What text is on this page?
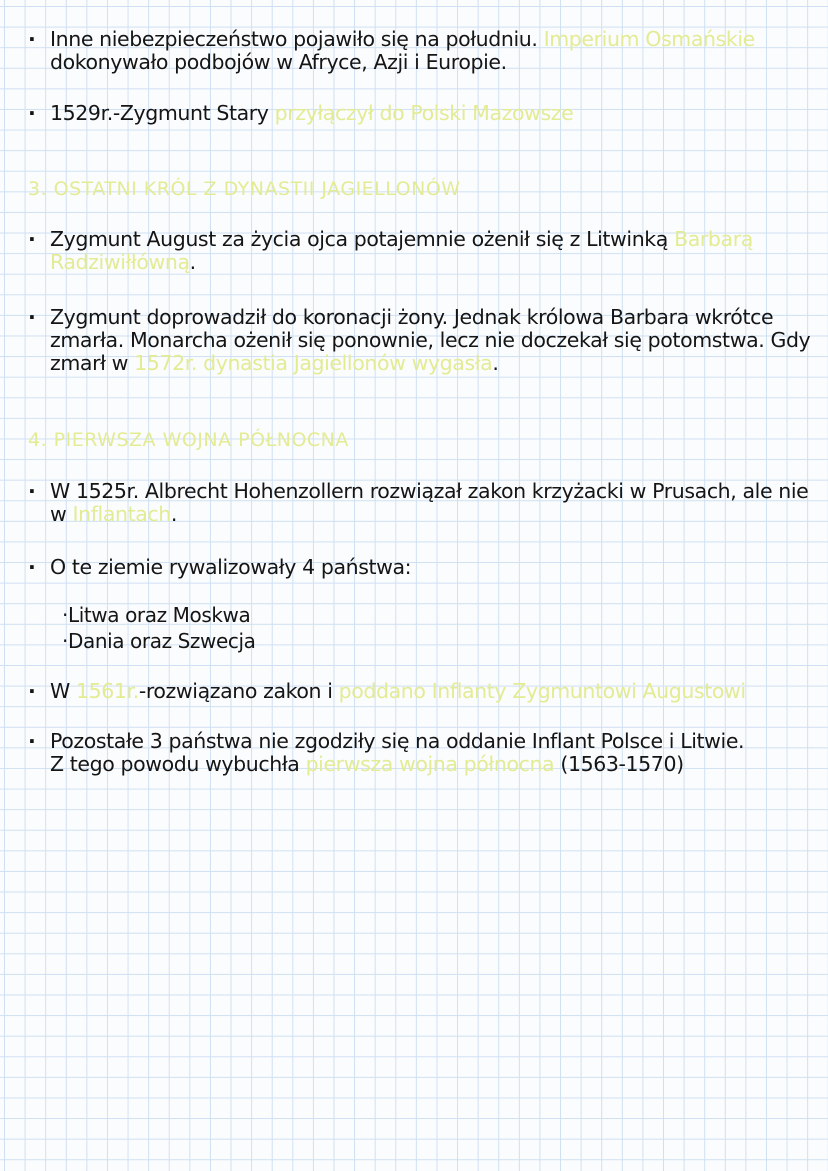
· Inne niebezpieczeństwo pojawiło się na południu. Imperium Osmańskie
dokonywało podbojów w Afryce, Azji i Europie.
· 1529r.-Zygmunt Stary przyłączył do Polski Mazowsze
3. OSTATNI KRÓL Z DYNASTII JAGIELLONÓW
· Zygmunt August za życia ojca potajemnie ożenił się z Litwinką Barbarą
Radziwiłłówną.
· Zygmunt doprowadził do koronacji żony. Jednak królowa Barbara wkrótce
zmarła. Monarcha ożenił się ponownie, lecz nie doczekał się potomstwa. Gdy
zmarł w 1572r. dynastia Jagiellonów wygasła.
4. PIERWSZA WOJNA PÓŁNOCNA
· W 1525r. Albrecht Hohenzollern rozwiązał zakon krzyżacki w Prusach, ale nie
w Inflantach.
· O te ziemie rywalizowały 4 państwa:
·Litwa oraz Moskwa
·Dania oraz Szwecja
· W 1561r.-rozwiązano zakon i poddano Inflanty Zygmuntowi Augustowi
· Pozostałe 3 państwa nie zgodziły się na oddanie Inflant Polsce i Litwie.
Z tego powodu wybuchła pierwsza wojna północna (1563-1570)
